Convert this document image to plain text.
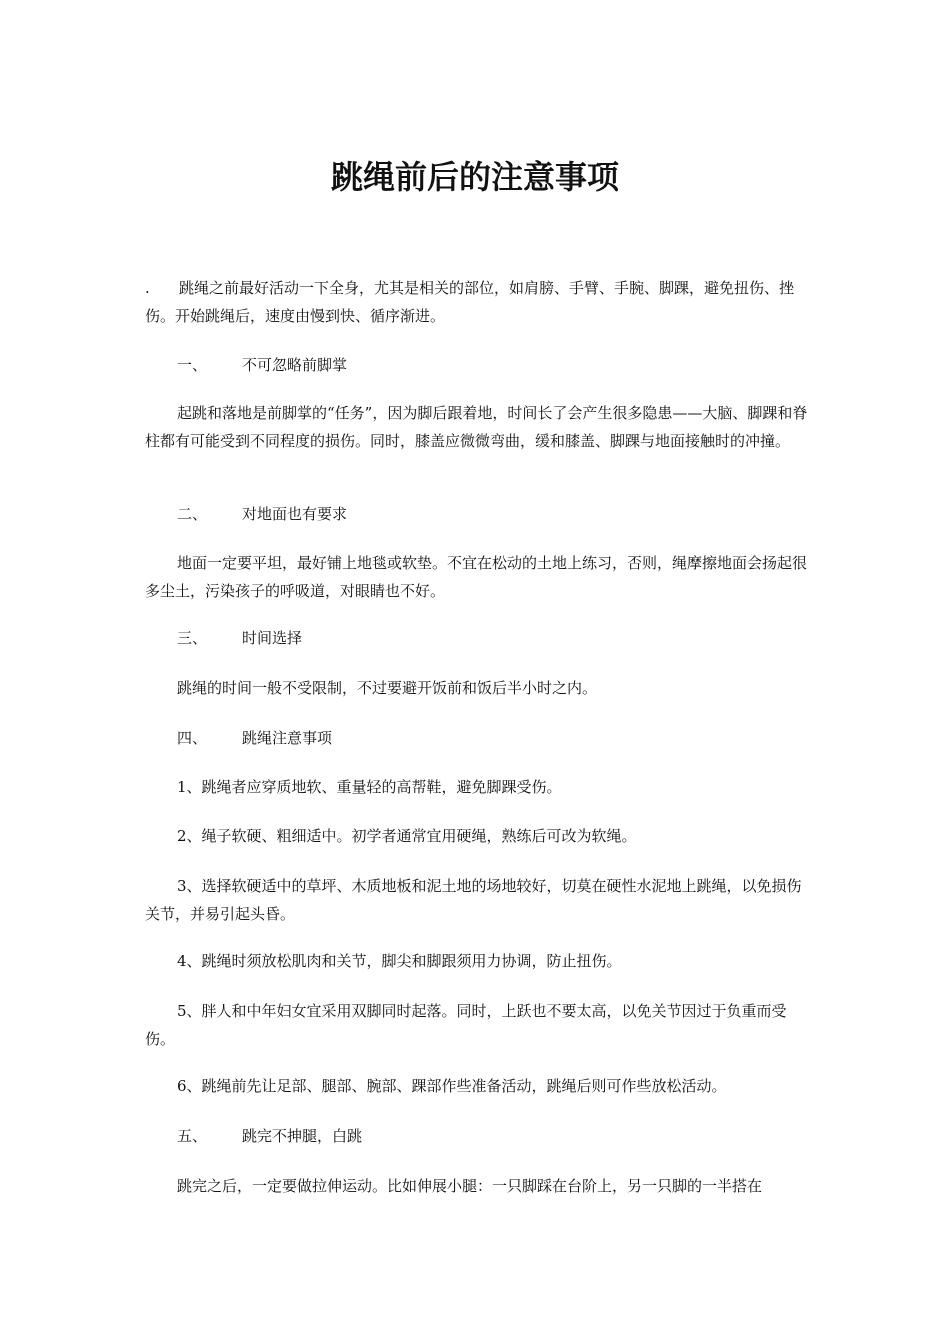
跳绳前后的注意事项

. 跳绳之前最好活动一下全身，尤其是相关的部位，如肩膀、手臂、手腕、脚踝，避免扭伤、挫伤。开始跳绳后，速度由慢到快、循序渐进。

一、 不可忽略前脚掌

起跳和落地是前脚掌的“任务”，因为脚后跟着地，时间长了会产生很多隐患——大脑、脚踝和脊柱都有可能受到不同程度的损伤。同时，膝盖应微微弯曲，缓和膝盖、脚踝与地面接触时的冲撞。

二、 对地面也有要求

地面一定要平坦，最好铺上地毯或软垫。不宜在松动的土地上练习，否则，绳摩擦地面会扬起很多尘土，污染孩子的呼吸道，对眼睛也不好。

三、 时间选择

跳绳的时间一般不受限制，不过要避开饭前和饭后半小时之内。

四、 跳绳注意事项

1、跳绳者应穿质地软、重量轻的高帮鞋，避免脚踝受伤。

2、绳子软硬、粗细适中。初学者通常宜用硬绳，熟练后可改为软绳。

3、选择软硬适中的草坪、木质地板和泥土地的场地较好，切莫在硬性水泥地上跳绳，以免损伤关节，并易引起头昏。

4、跳绳时须放松肌肉和关节，脚尖和脚跟须用力协调，防止扭伤。

5、胖人和中年妇女宜采用双脚同时起落。同时，上跃也不要太高，以免关节因过于负重而受伤。

6、跳绳前先让足部、腿部、腕部、踝部作些准备活动，跳绳后则可作些放松活动。

五、 跳完不抻腿，白跳

跳完之后，一定要做拉伸运动。比如伸展小腿：一只脚踩在台阶上，另一只脚的一半搭在
